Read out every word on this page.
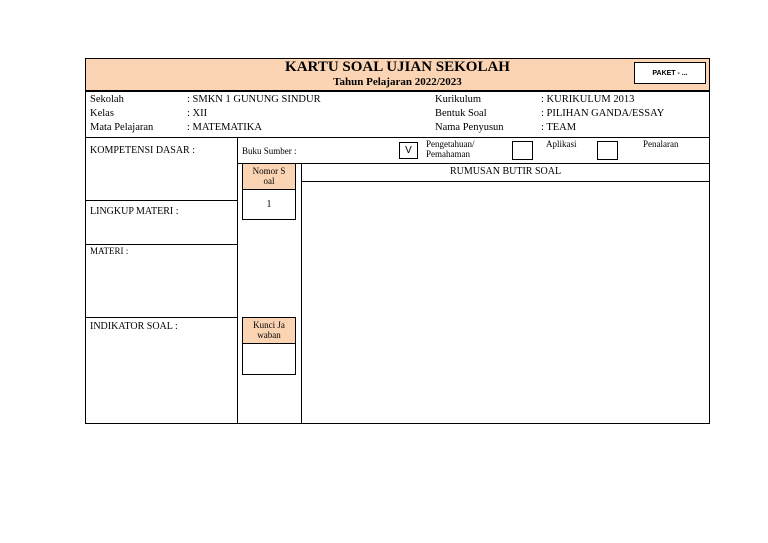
KARTU SOAL UJIAN SEKOLAH
Tahun Pelajaran 2022/2023
PAKET - ...
Sekolah
Kelas
Mata Pelajaran
: SMKN 1 GUNUNG SINDUR
: XII
: MATEMATIKA
Kurikulum
Bentuk Soal
Nama Penyusun
: KURIKULUM 2013
: PILIHAN GANDA/ESSAY
: TEAM
KOMPETENSI DASAR :
LINGKUP MATERI :
MATERI :
INDIKATOR SOAL :
Buku Sumber :	V
Pengetahuan/
Pemahaman
Aplikasi	Penalaran
RUMUSAN BUTIR SOAL
Nomor S
oal
1
Kunci Ja
waban
